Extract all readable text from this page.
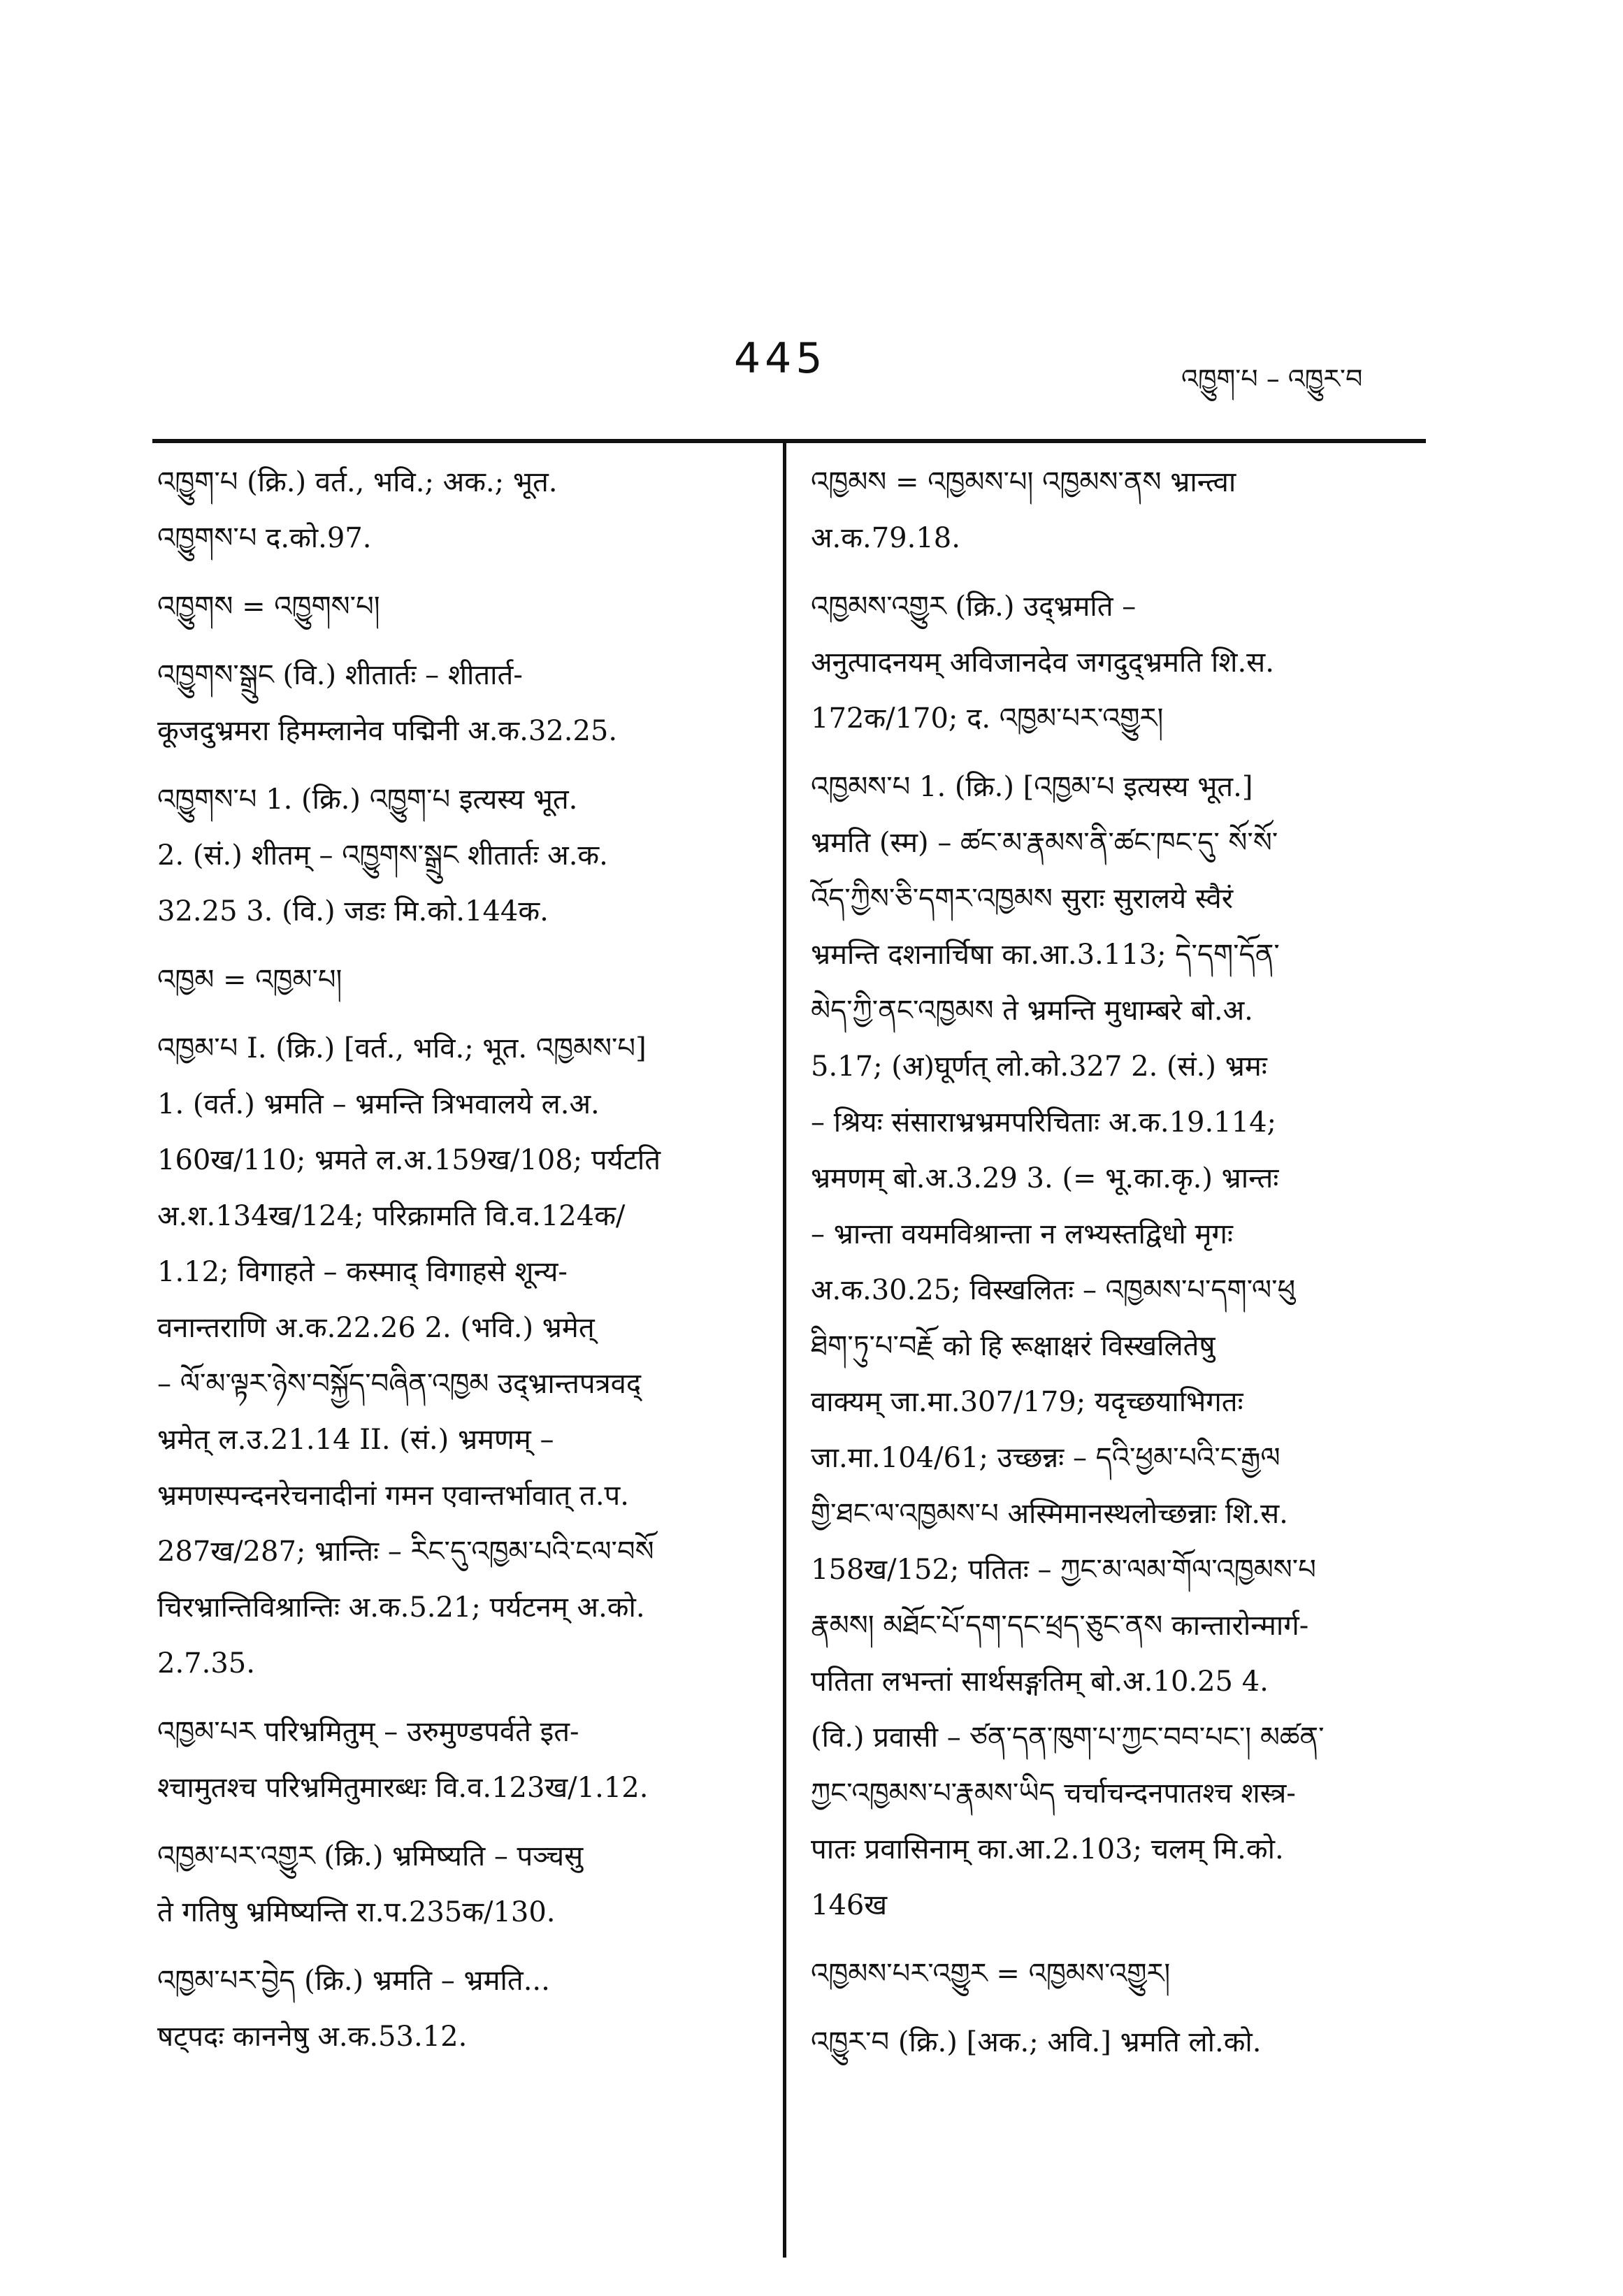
445	འཁྱུག་པ – འཁྱུར་བ

འཁྱུག་པ (क्रि.) वर्त., भवि.; अक.; भूत.

འཁྱུགས་པ द.को.97.

འཁྱུགས = འཁྱུགས་པ།

འཁྱུགས་སྒྲུང (वि.) शीतार्तः – शीतार्त-

कूजदुभ्रमरा हिमम्लानेव पद्मिनी अ.क.32.25.

འཁྱུགས་པ 1. (क्रि.) འཁྱུག་པ इत्यस्य भूत.

2. (सं.) शीतम् – འཁྱུགས་སྒྲུང शीतार्तः अ.क.

32.25 3. (वि.) जडः मि.को.144क.

འཁྱམ = འཁྱམ་པ།

འཁྱམ་པ I. (क्रि.) [वर्त., भवि.; भूत. འཁྱམས་པ]

1. (वर्त.) भ्रमति – भ्रमन्ति त्रिभवालये ल.अ.

160ख/110; भ्रमते ल.अ.159ख/108; पर्यटति

अ.श.134ख/124; परिक्रामति वि.व.124क/

1.12; विगाहते – कस्माद् विगाहसे शून्य-

वनान्तराणि अ.क.22.26 2. (भवि.) भ्रमेत्

– ལོ་མ་ལྟར་ཉེས་བསྐྱོད་བཞིན་འཁྱམ उद्भ्रान्तपत्रवद्

भ्रमेत् ल.उ.21.14 II. (सं.) भ्रमणम् –

भ्रमणस्पन्दनरेचनादीनां गमन एवान्तर्भावात् त.प.

287ख/287; भ्रान्तिः – རིང་དུ་འཁྱམ་པའི་ངལ་བསོ

चिरभ्रान्तिविश्रान्तिः अ.क.5.21; पर्यटनम् अ.को.

2.7.35.

འཁྱམ་པར परिभ्रमितुम् – उरुमुण्डपर्वते इत-

श्चामुतश्च परिभ्रमितुमारब्धः वि.व.123ख/1.12.

འཁྱམ་པར་འགྱུར (क्रि.) भ्रमिष्यति – पञ्चसु

ते गतिषु भ्रमिष्यन्ति रा.प.235क/130.

འཁྱམ་པར་བྱེད (क्रि.) भ्रमति – भ्रमति...

षट्पदः काननेषु अ.क.53.12.

འཁྱམས = འཁྱམས་པ། འཁྱམས་ནས भ्रान्त्वा

अ.क.79.18.

འཁྱམས་འགྱུར (क्रि.) उद्भ्रमति –

अनुत्पादनयम् अविजानदेव जगदुद्भ्रमति शि.स.

172क/170; द. འཁྱམ་པར་འགྱུར།

འཁྱམས་པ 1. (क्रि.) [འཁྱམ་པ इत्यस्य भूत.]

भ्रमति (स्म) – ཚང་མ་རྣམས་ནི་ཚང་ཁང་དུ་ སོ་སོ་

འོད་ཀྱིས་ཅི་དགར་འཁྱམས सुराः सुरालये स्वैरं

भ्रमन्ति दशनार्चिषा का.आ.3.113; དེ་དག་དོན་

མེད་ཀྱི་ནང་འཁྱམས ते भ्रमन्ति मुधाम्बरे बो.अ.

5.17; (अ)घूर्णत् लो.को.327 2. (सं.) भ्रमः

– श्रियः संसाराभ्रभ्रमपरिचिताः अ.क.19.114;

भ्रमणम् बो.अ.3.29 3. (= भू.का.कृ.) भ्रान्तः

– भ्रान्ता वयमविश्रान्ता न लभ्यस्तद्विधो मृगः

अ.क.30.25; विस्खलितः – འཁྱམས་པ་དག་ལ་ཕུ

ཐིག་ཏུ་པ་བརྗོ को हि रूक्षाक्षरं विस्खलितेषु

वाक्यम् जा.मा.307/179; यदृच्छयाभिगतः

जा.मा.104/61; उच्छन्नः – དའི་ཕྱམ་པའི་ང་རྒྱལ

གྱི་ཐང་ལ་འཁྱམས་པ अस्मिमानस्थलोच्छन्नाः शि.स.

158ख/152; पतितः – ཀྱང་མ་ལམ་གོལ་འཁྱམས་པ

རྣམས། མཐོང་པོ་དག་དང་ཕྲད་ཅུང་ནས कान्तारोन्मार्ग-

पतिता लभन्तां सार्थसङ्गतिम् बो.अ.10.25 4.

(वि.) प्रवासी – ཙན་དན་ཁུག་པ་ཀྱང་བབ་པང་། མཚན་

ཀྱང་འཁྱམས་པ་རྣམས་ཡིད चर्चाचन्दनपातश्च शस्त्र-

पातः प्रवासिनाम् का.आ.2.103; चलम् मि.को.

146ख

འཁྱམས་པར་འགྱུར = འཁྱམས་འགྱུར།

འཁྱུར་བ (क्रि.) [अक.; अवि.] भ्रमति लो.को.
